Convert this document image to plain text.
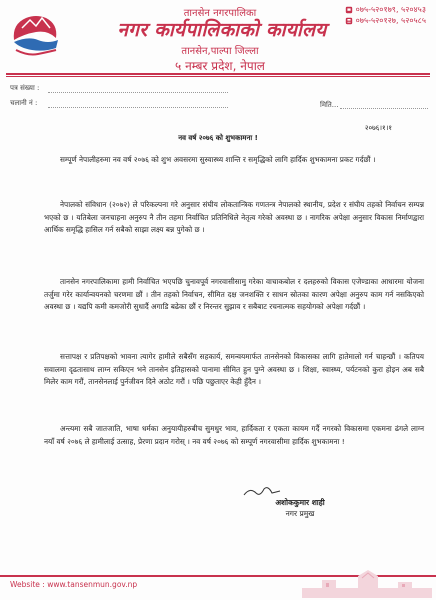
तानसेन नगरपालिका
नगर कार्यपालिकाको कार्यालय
तानसेन,पाल्पा जिल्ला
५ नम्बर प्रदेश, नेपाल
०७५-५२०१७९, ५२०४५३
०७५-५२०१२७, ५२०५८५
पत्र संख्या :
चलानी नं :	मिति...
२०७६।१।१
नव वर्ष २०७६ को शुभकामना !

सम्पूर्ण नेपालीहरुमा नव वर्ष २०७६ को शुभ अवसरमा सुस्वास्थ्य शान्ति र समृद्धिको लागि हार्दिक शुभकामना प्रकट गर्दछौं ।

नेपालको संविधान (२०७२) ले परिकल्पना गरे अनुसार संघीय लोकतान्त्रिक गणतन्त्र नेपालको स्थानीय, प्रदेश र संघीय तहको निर्वाचन सम्पन्न भएको छ । यतिबेला जनचाहना अनुरुप नै तीन तहमा निर्वाचित प्रतिनिधिले नेतृत्व गरेको अवस्था छ । नागरिक अपेक्षा अनुसार विकास निर्माणद्वारा आर्थिक समृद्धि हासिल गर्न सबैको साझा लक्ष्य बन्न पुगेको छ ।

तानसेन नगरपालिकामा हामी निर्वाचित भएपछि चुनावपूर्व नगरवासीसामु गरेका वाचाकबोल र दलहरुको विकास एजेण्डाका आधारमा योजना तर्जुमा गरेर कार्यान्वयनको चरणमा छौं । तीन तहको निर्वाचन, सीमित दक्ष जनशक्ति र साधन स्रोतका कारण अपेक्षा अनुरुप काम गर्न नसकिएको अवस्था छ । यद्यपि कमी कमजोरी सुधार्दै अगाडि बढेका छौं र निरन्तर सुझाव र सबैबाट रचनात्मक सहयोगको अपेक्षा गर्दछौं ।

सत्तापक्ष र प्रतिपक्षको भावना त्यागेर हामीले सबैसँग सहकार्य, समन्वयमार्फत तानसेनको विकासका लागि हातेमालो गर्न चाहन्छौं । कतिपय सवालमा दृढतासाथ लाग्न सकिएन भने तानसेन इतिहासको पानामा सीमित हुन पुग्ने अवस्था छ । शिक्षा, स्वास्थ्य, पर्यटनको कुरा होइन अब सबै मिलेर काम गरौं, तानसेनलाई पुर्नजीवन दिने अठोट गरौं । पछि पछुताएर केही हुँदैन ।

अन्त्यमा सबै जातजाति, भाषा धर्मका अनुयायीहरुबीच सुमधुर भाव, हार्दिकता र एकता कायम गर्दै नगरको विकासमा एकमना ढंगले लाग्न नयाँ वर्ष २०७६ ले हामीलाई उत्साह, प्रेरणा प्रदान गरोस् । नव वर्ष २०७६ को सम्पूर्ण नगरवासीमा हार्दिक शुभकामना !

अशोककुमार शाही
नगर प्रमुख
Website : www.tansenmun.gov.np
